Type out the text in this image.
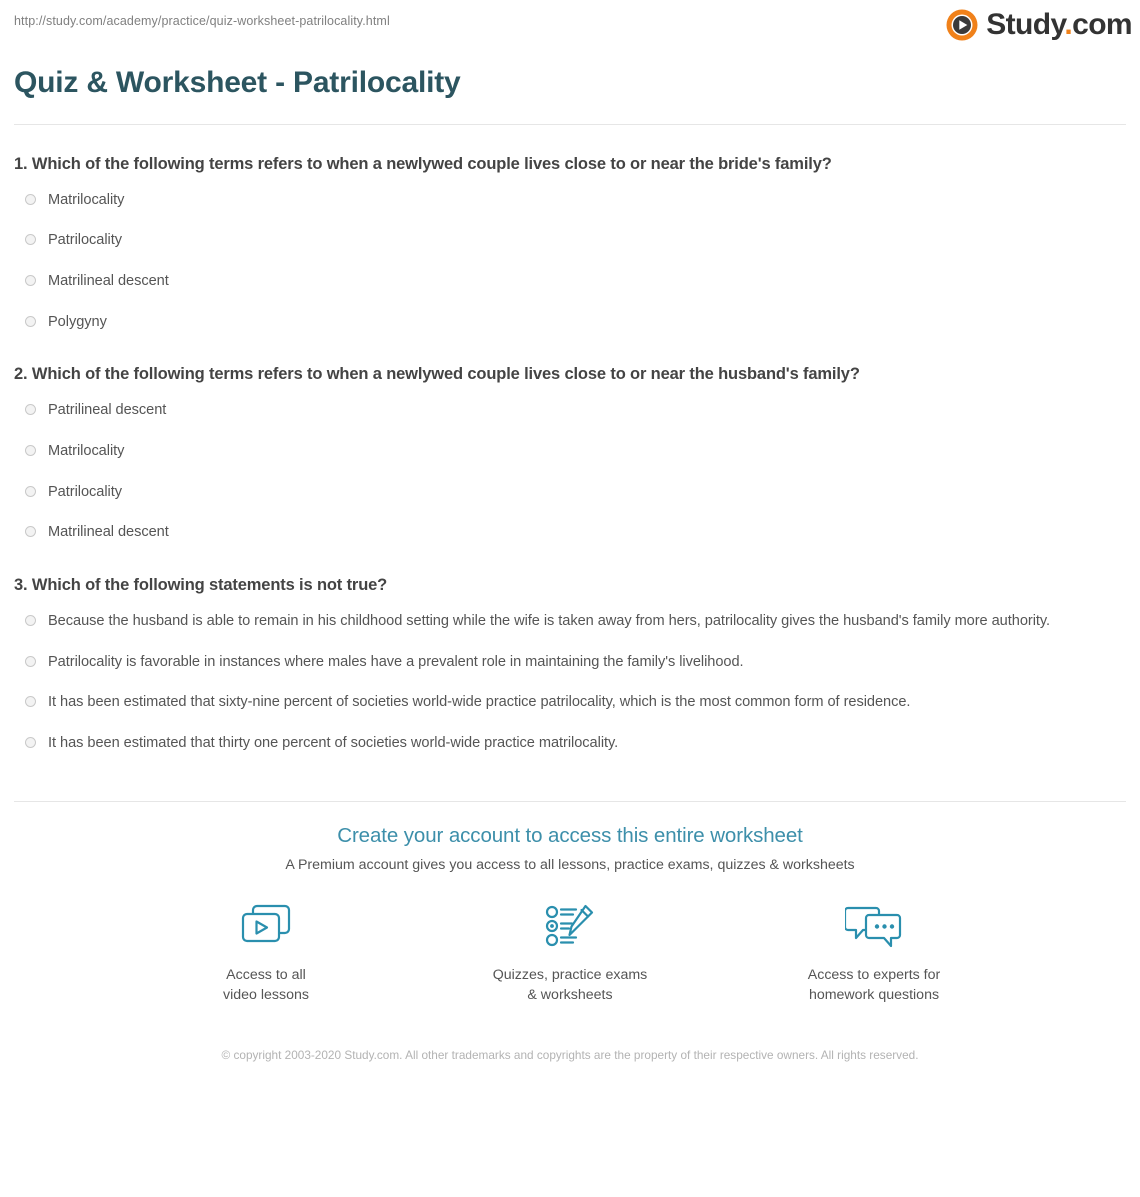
http://study.com/academy/practice/quiz-worksheet-patrilocality.html	Study.com
Quiz & Worksheet - Patrilocality
1. Which of the following terms refers to when a newlywed couple lives close to or near the bride's family?
Matrilocality
Patrilocality
Matrilineal descent
Polygyny
2. Which of the following terms refers to when a newlywed couple lives close to or near the husband's family?
Patrilineal descent
Matrilocality
Patrilocality
Matrilineal descent
3. Which of the following statements is not true?
Because the husband is able to remain in his childhood setting while the wife is taken away from hers, patrilocality gives the husband's family more authority.
Patrilocality is favorable in instances where males have a prevalent role in maintaining the family's livelihood.
It has been estimated that sixty-nine percent of societies world-wide practice patrilocality, which is the most common form of residence.
It has been estimated that thirty one percent of societies world-wide practice matrilocality.
Create your account to access this entire worksheet
A Premium account gives you access to all lessons, practice exams, quizzes & worksheets
Access to all
video lessons
Quizzes, practice exams
& worksheets
Access to experts for
homework questions
© copyright 2003-2020 Study.com. All other trademarks and copyrights are the property of their respective owners. All rights reserved.
